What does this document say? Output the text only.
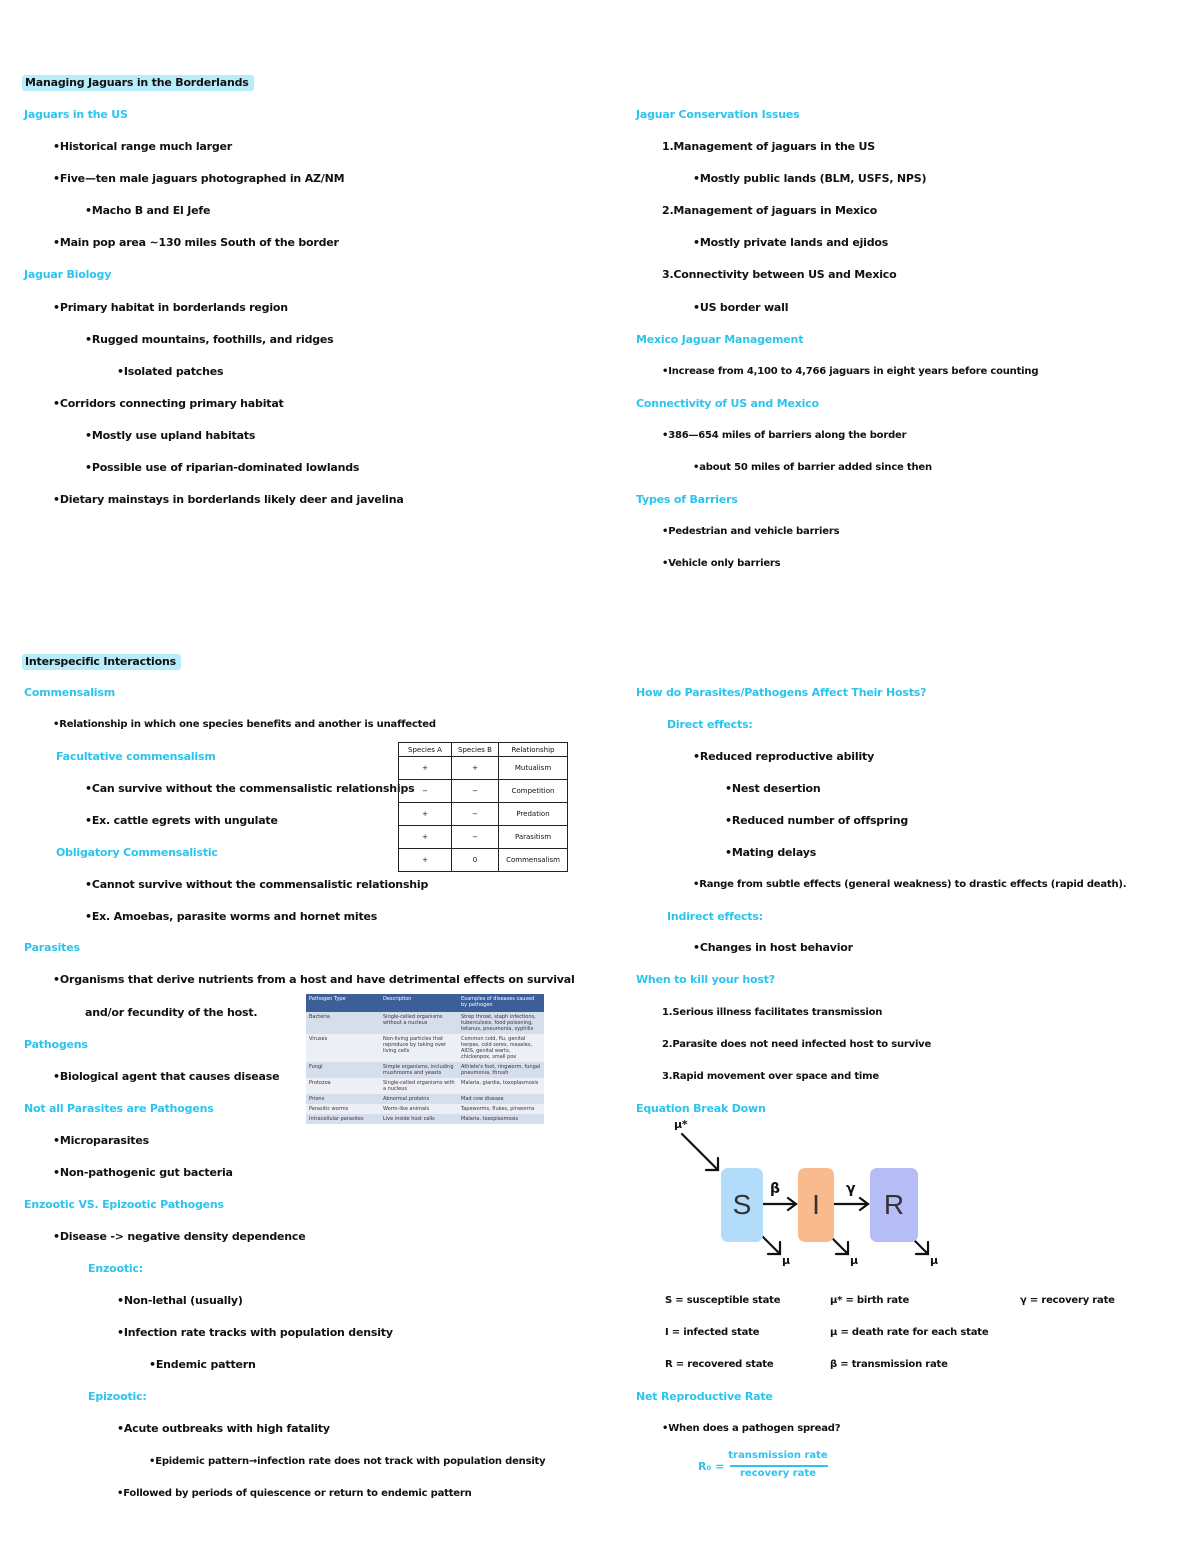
Managing Jaguars in the Borderlands
Jaguars in the US
•Historical range much larger
•Five—ten male jaguars photographed in AZ/NM
•Macho B and El Jefe
•Main pop area ~130 miles South of the border
Jaguar Biology
•Primary habitat in borderlands region
•Rugged mountains, foothills, and ridges
•Isolated patches
•Corridors connecting primary habitat
•Mostly use upland habitats
•Possible use of riparian-dominated lowlands
•Dietary mainstays in borderlands likely deer and javelina
Jaguar Conservation Issues
1.Management of jaguars in the US
•Mostly public lands (BLM, USFS, NPS)
2.Management of jaguars in Mexico
•Mostly private lands and ejidos
3.Connectivity between US and Mexico
•US border wall
Mexico Jaguar Management
•Increase from 4,100 to 4,766 jaguars in eight years before counting
Connectivity of US and Mexico
•386—654 miles of barriers along the border
•about 50 miles of barrier added since then
Types of Barriers
•Pedestrian and vehicle barriers
•Vehicle only barriers
Interspecific Interactions
Commensalism
•Relationship in which one species benefits and another is unaffected
Facultative commensalism
•Can survive without the commensalistic relationships
•Ex. cattle egrets with ungulate
Obligatory Commensalistic
•Cannot survive without the commensalistic relationship
•Ex. Amoebas, parasite worms and hornet mites
Parasites
•Organisms that derive nutrients from a host and have detrimental effects on survival
and/or fecundity of the host.
Pathogens
•Biological agent that causes disease
Not all Parasites are Pathogens
•Microparasites
•Non-pathogenic gut bacteria
Enzootic VS. Epizootic Pathogens
•Disease -> negative density dependence
Enzootic:
•Non-lethal (usually)
•Infection rate tracks with population density
•Endemic pattern
Epizootic:
•Acute outbreaks with high fatality
•Epidemic pattern→infection rate does not track with population density
•Followed by periods of quiescence or return to endemic pattern
Species A	Species B	Relationship
+	+	Mutualism
−	−	Competition
+	−	Predation
+	−	Parasitism
+	0	Commensalism
Pathogen Type	Description	Examples of diseases caused by pathogen
Bacteria	Single-celled organisms without a nucleus	Strep throat, staph infections, tuberculosis, food poisoning, tetanus, pneumonia, syphilis
Viruses	Non-living particles that reproduce by taking over living cells	Common cold, flu, genital herpes, cold sores, measles, AIDS, genital warts, chickenpox, small pox
Fungi	Simple organisms, including mushrooms and yeasts	Athlete's foot, ringworm, fungal pneumonia, thrush
Protozoa	Single-celled organisms with a nucleus	Malaria, giardia, toxoplasmosis
Prions	Abnormal proteins	Mad cow disease
Parasitic worms	Worm-like animals	Tapeworms, flukes, pinworms
Intracellular parasites	Live inside host cells	Malaria, toxoplasmosis
How do Parasites/Pathogens Affect Their Hosts?
Direct effects:
•Reduced reproductive ability
•Nest desertion
•Reduced number of offspring
•Mating delays
•Range from subtle effects (general weakness) to drastic effects (rapid death).
Indirect effects:
•Changes in host behavior
When to kill your host?
1.Serious illness facilitates transmission
2.Parasite does not need infected host to survive
3.Rapid movement over space and time
Equation Break Down
S	I	R
μ*
β	γ
μ	μ	μ
S = susceptible state
I = infected state
R = recovered state
μ* = birth rate
μ = death rate for each state
β = transmission rate
γ = recovery rate
Net Reproductive Rate
•When does a pathogen spread?
R₀ =
transmission rate
recovery rate
